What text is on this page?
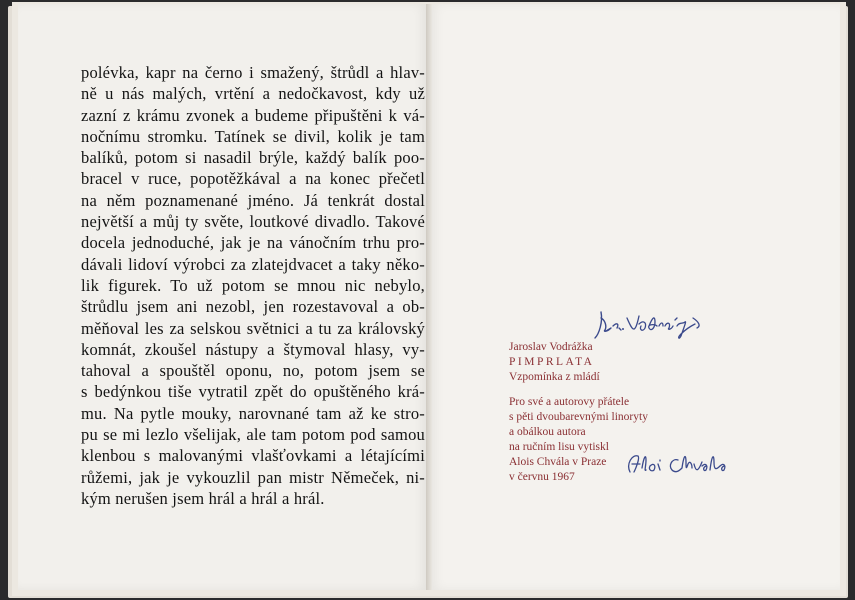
polévka, kapr na černo i smažený, štrůdl a hlav-
ně u nás malých, vrtění a nedočkavost, kdy už
zazní z krámu zvonek a budeme připuštěni k vá-
nočnímu stromku. Tatínek se divil, kolik je tam
balíků, potom si nasadil brýle, každý balík poo-
bracel v ruce, popotěžkával a na konec přečetl
na něm poznamenané jméno. Já tenkrát dostal
největší a můj ty světe, loutkové divadlo. Takové
docela jednoduché, jak je na vánočním trhu pro-
dávali lidoví výrobci za zlatejdvacet a taky něko-
lik figurek. To už potom se mnou nic nebylo,
štrůdlu jsem ani nezobl, jen rozestavoval a ob-
měňoval les za selskou světnici a tu za královský
komnát, zkoušel nástupy a štymoval hlasy, vy-
tahoval a spouštěl oponu, no, potom jsem se
s bedýnkou tiše vytratil zpět do opuštěného krá-
mu. Na pytle mouky, narovnané tam až ke stro-
pu se mi lezlo všelijak, ale tam potom pod samou
klenbou s malovanými vlašťovkami a létajícími
růžemi, jak je vykouzlil pan mistr Němeček, ni-
kým nerušen jsem hrál a hrál a hrál.
Jaroslav Vodrážka
PIMPRLATA
Vzpomínka z mládí
Pro své a autorovy přátele
s pěti dvoubarevnými linoryty
a obálkou autora
na ručním lisu vytiskl
Alois Chvála v Praze
v červnu 1967
